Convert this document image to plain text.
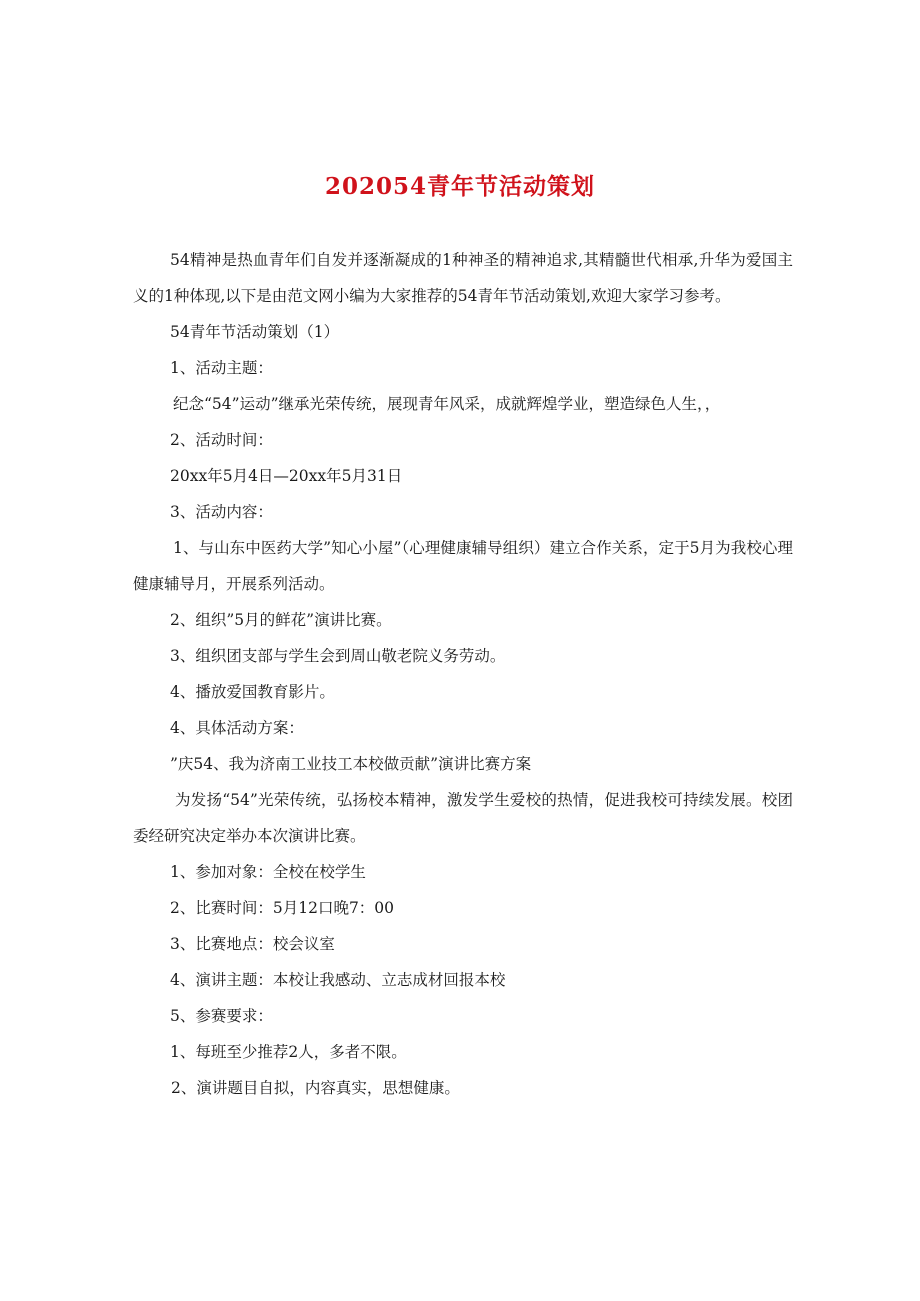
202054青年节活动策划

54精神是热血青年们自发并逐渐凝成的1种神圣的精神追求,其精髓世代相承,升华为爱国主义的1种体现,以下是由范文网小编为大家推荐的54青年节活动策划,欢迎大家学习参考。

54青年节活动策划（1）

1、活动主题：

纪念“54”运动”继承光荣传统，展现青年风采，成就辉煌学业，塑造绿色人生，，

2、活动时间：

20xx年5月4日—20xx年5月31日

3、活动内容：

1、与山东中医药大学”知心小屋”（心理健康辅导组织）建立合作关系，定于5月为我校心理健康辅导月，开展系列活动。

2、组织”5月的鲜花”演讲比赛。

3、组织团支部与学生会到周山敬老院义务劳动。

4、播放爱国教育影片。

4、具体活动方案：

”庆54、我为济南工业技工本校做贡献”演讲比赛方案

为发扬“54”光荣传统，弘扬校本精神，激发学生爱校的热情，促进我校可持续发展。校团委经研究决定举办本次演讲比赛。

1、参加对象：全校在校学生

2、比赛时间：5月12口晚7：00

3、比赛地点：校会议室

4、演讲主题：本校让我感动、立志成材回报本校

5、参赛要求：

1、每班至少推荐2人，多者不限。

2、演讲题目自拟，内容真实，思想健康。
